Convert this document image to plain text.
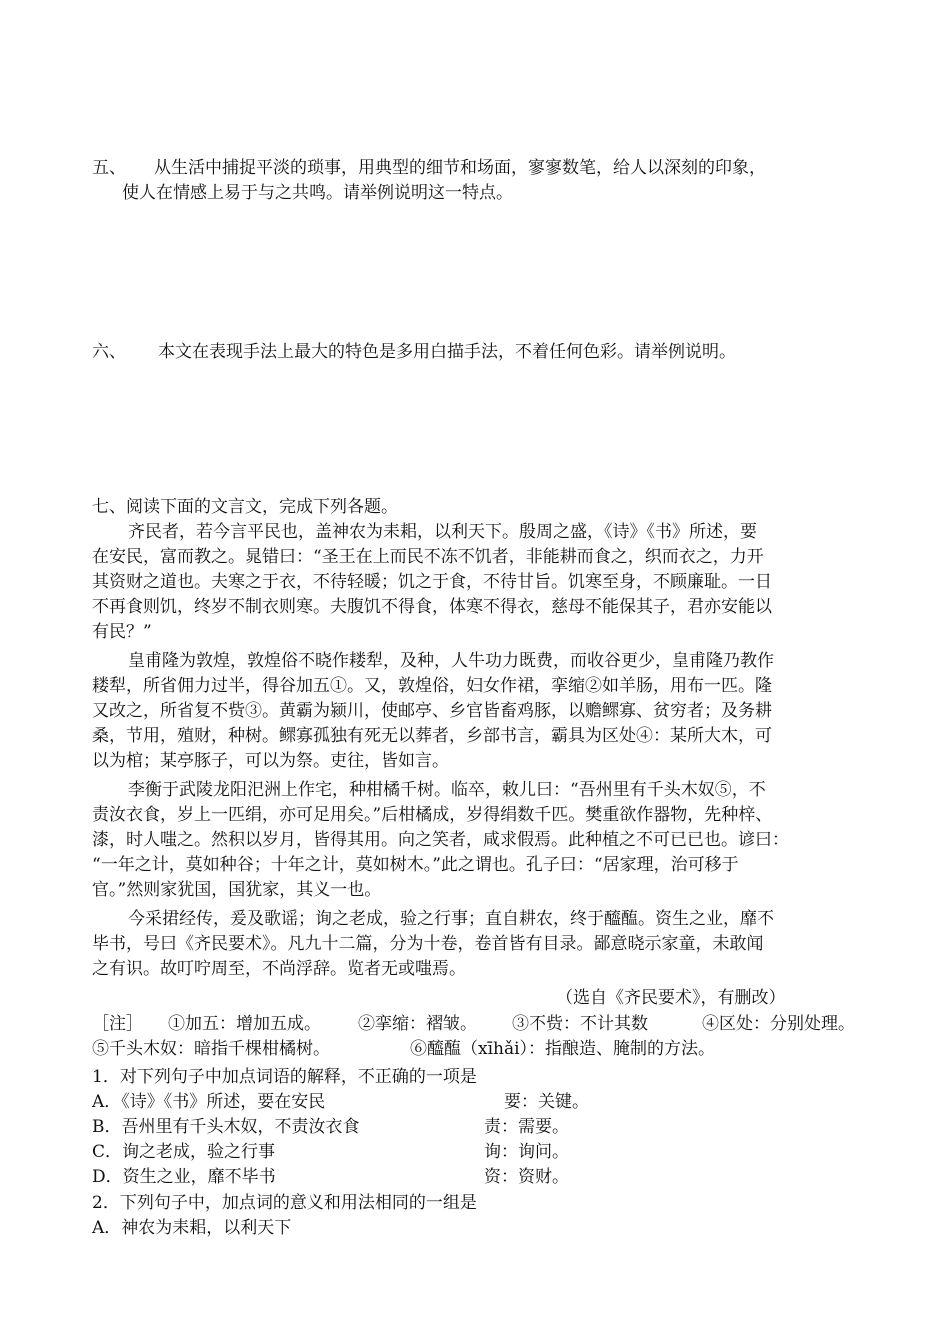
五、 从生活中捕捉平淡的琐事，用典型的细节和场面，寥寥数笔，给人以深刻的印象，
使人在情感上易于与之共鸣。请举例说明这一特点。
六、 本文在表现手法上最大的特色是多用白描手法，不着任何色彩。请举例说明。
七、阅读下面的文言文，完成下列各题。
齐民者，若今言平民也，盖神农为耒耜，以利天下。殷周之盛，《诗》《书》所述，要
在安民，富而教之。晁错曰：“圣王在上而民不冻不饥者，非能耕而食之，织而衣之，力开
其资财之道也。夫寒之于衣，不待轻暖；饥之于食，不待甘旨。饥寒至身，不顾廉耻。一日
不再食则饥，终岁不制衣则寒。夫腹饥不得食，体寒不得衣，慈母不能保其子，君亦安能以
有民？”
皇甫隆为敦煌，敦煌俗不晓作耧犁，及种，人牛功力既费，而收谷更少，皇甫隆乃教作
耧犁，所省佣力过半，得谷加五①。又，敦煌俗，妇女作裙，挛缩②如羊肠，用布一匹。隆
又改之，所省复不赀③。黄霸为颍川，使邮亭、乡官皆畜鸡豚，以赡鳏寡、贫穷者；及务耕
桑，节用，殖财，种树。鳏寡孤独有死无以葬者，乡部书言，霸具为区处④：某所大木，可
以为棺；某亭豚子，可以为祭。吏往，皆如言。
李衡于武陵龙阳汜洲上作宅，种柑橘千树。临卒，敕儿曰：“吾州里有千头木奴⑤，不
责汝衣食，岁上一匹绢，亦可足用矣。”后柑橘成，岁得绢数千匹。樊重欲作器物，先种梓、
漆，时人嗤之。然积以岁月，皆得其用。向之笑者，咸求假焉。此种植之不可已已也。谚曰：
“一年之计，莫如种谷；十年之计，莫如树木。”此之谓也。孔子曰：“居家理，治可移于
官。”然则家犹国，国犹家，其义一也。
今采捃经传，爰及歌谣；询之老成，验之行事；直自耕农，终于醯醢。资生之业，靡不
毕书，号曰《齐民要术》。凡九十二篇，分为十卷，卷首皆有目录。鄙意晓示家童，未敢闻
之有识。故叮咛周至，不尚浮辞。览者无或嗤焉。
（选自《齐民要术》，有删改）
［注］ ①加五：增加五成。 ②挛缩：褶皱。 ③不赀：不计其数	④区处：分别处理。
⑤千头木奴：暗指千棵柑橘树。	⑥醯醢（xīhǎi）：指酿造、腌制的方法。
1．对下列句子中加点词语的解释，不正确的一项是
A．《诗》《书》所述，要在安民	要：关键。
B．吾州里有千头木奴，不责汝衣食	责：需要。
C．询之老成，验之行事	询：询问。
D．资生之业，靡不毕书	资：资财。
2．下列句子中，加点词的意义和用法相同的一组是
A．神农为耒耜，以利天下
